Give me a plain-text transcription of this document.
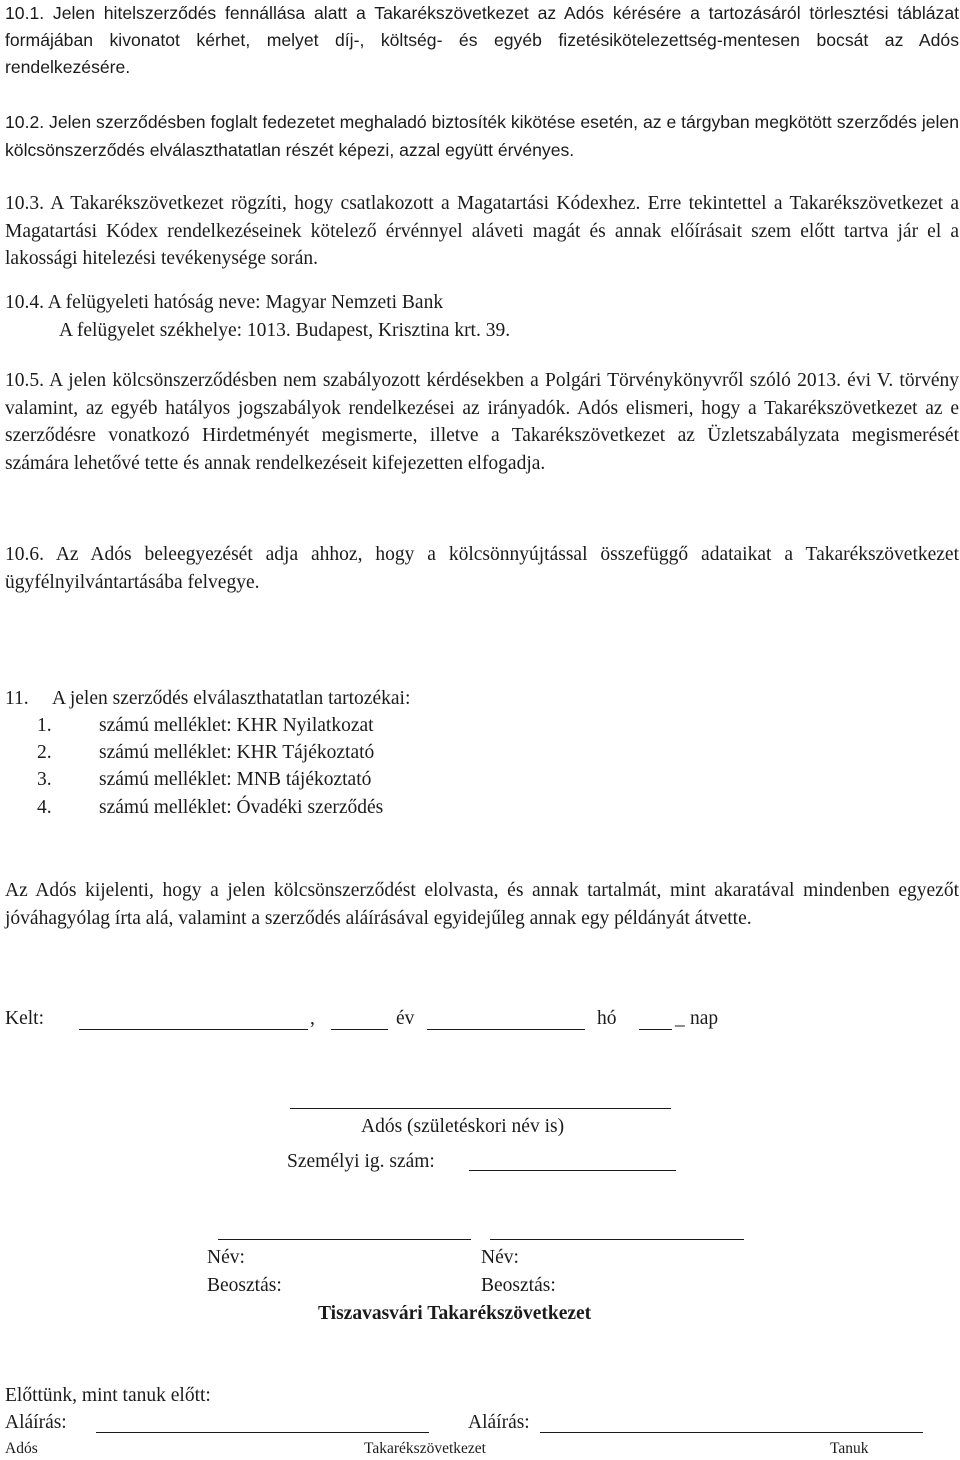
10.1. Jelen hitelszerződés fennállása alatt a Takarékszövetkezet az Adós kérésére a tartozásáról törlesztési táblázat formájában kivonatot kérhet, melyet díj-, költség- és egyéb fizetésikötelezettség-mentesen bocsát az Adós rendelkezésére.
10.2. Jelen szerződésben foglalt fedezetet meghaladó biztosíték kikötése esetén, az e tárgyban megkötött szerződés jelen kölcsönszerződés elválaszthatatlan részét képezi, azzal együtt érvényes.
10.3. A Takarékszövetkezet rögzíti, hogy csatlakozott a Magatartási Kódexhez. Erre tekintettel a Takarékszövetkezet a Magatartási Kódex rendelkezéseinek kötelező érvénnyel aláveti magát és annak előírásait szem előtt tartva jár el a lakossági hitelezési tevékenysége során.
10.4. A felügyeleti hatóság neve: Magyar Nemzeti Bank
A felügyelet székhelye: 1013. Budapest, Krisztina krt. 39.
10.5. A jelen kölcsönszerződésben nem szabályozott kérdésekben a Polgári Törvénykönyvről szóló 2013. évi V. törvény valamint, az egyéb hatályos jogszabályok rendelkezései az irányadók. Adós elismeri, hogy a Takarékszövetkezet az e szerződésre vonatkozó Hirdetményét megismerte, illetve a Takarékszövetkezet az Üzletszabályzata megismerését számára lehetővé tette és annak rendelkezéseit kifejezetten elfogadja.
10.6. Az Adós beleegyezését adja ahhoz, hogy a kölcsönnyújtással összefüggő adataikat a Takarékszövetkezet ügyfélnyilvántartásába felvegye.
11.     A jelen szerződés elválaszthatatlan tartozékai:
1. számú melléklet: KHR Nyilatkozat
2. számú melléklet: KHR Tájékoztató
3. számú melléklet: MNB tájékoztató
4. számú melléklet: Óvadéki szerződés
Az Adós kijelenti, hogy a jelen kölcsönszerződést elolvasta, és annak tartalmát, mint akaratával mindenben egyezőt jóváhagyólag írta alá, valamint a szerződés aláírásával egyidejűleg annak egy példányát átvette.
Kelt:	,	év	hó	_ nap
Adós (születéskori név is)
Személyi ig. szám:
Név:	Név:
Beosztás:	Beosztás:
Tiszavasvári Takarékszövetkezet
Előttünk, mint tanuk előtt:
Aláírás:	Aláírás:
Adós	Takarékszövetkezet	Tanuk
